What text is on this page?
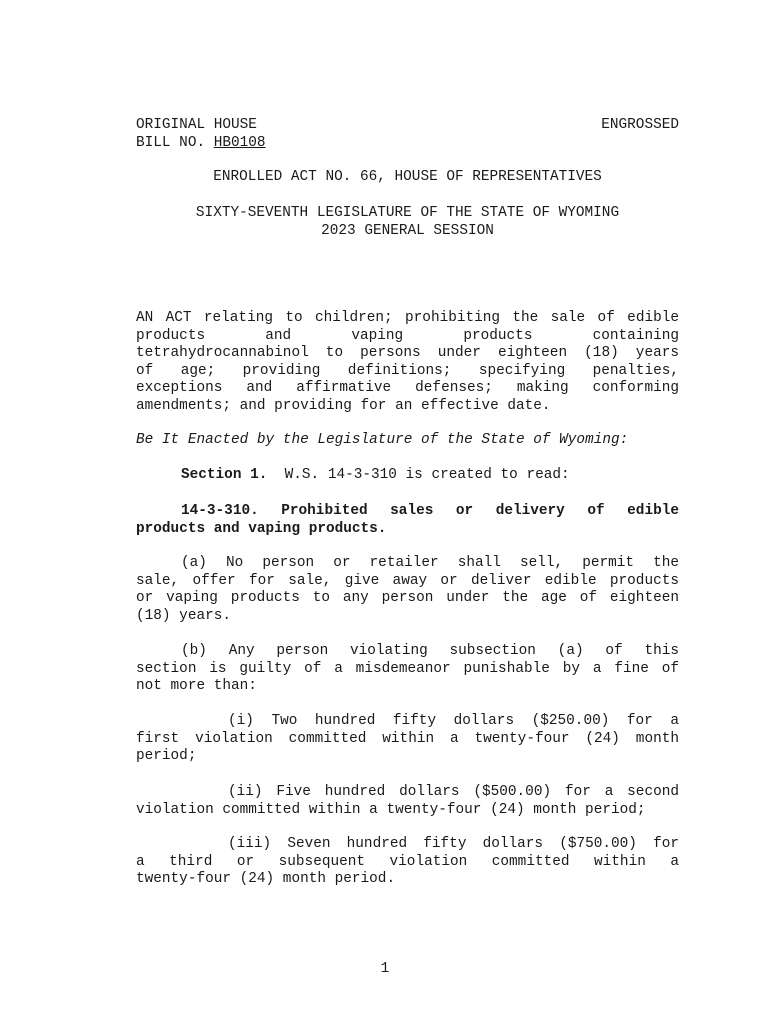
ORIGINAL HOUSE	ENGROSSED
BILL NO. HB0108
ENROLLED ACT NO. 66, HOUSE OF REPRESENTATIVES
SIXTY-SEVENTH LEGISLATURE OF THE STATE OF WYOMING
2023 GENERAL SESSION
AN ACT relating to children; prohibiting the sale of edible
products and vaping products containing
tetrahydrocannabinol to persons under eighteen (18) years
of age; providing definitions; specifying penalties,
exceptions and affirmative defenses; making conforming
amendments; and providing for an effective date.
Be It Enacted by the Legislature of the State of Wyoming:
Section 1. W.S. 14-3-310 is created to read:
14-3-310. Prohibited sales or delivery of edible
products and vaping products.
(a) No person or retailer shall sell, permit the
sale, offer for sale, give away or deliver edible products
or vaping products to any person under the age of eighteen
(18) years.
(b) Any person violating subsection (a) of this
section is guilty of a misdemeanor punishable by a fine of
not more than:
(i) Two hundred fifty dollars ($250.00) for a
first violation committed within a twenty-four (24) month
period;
(ii) Five hundred dollars ($500.00) for a second
violation committed within a twenty-four (24) month period;
(iii) Seven hundred fifty dollars ($750.00) for
a third or subsequent violation committed within a
twenty-four (24) month period.
1
